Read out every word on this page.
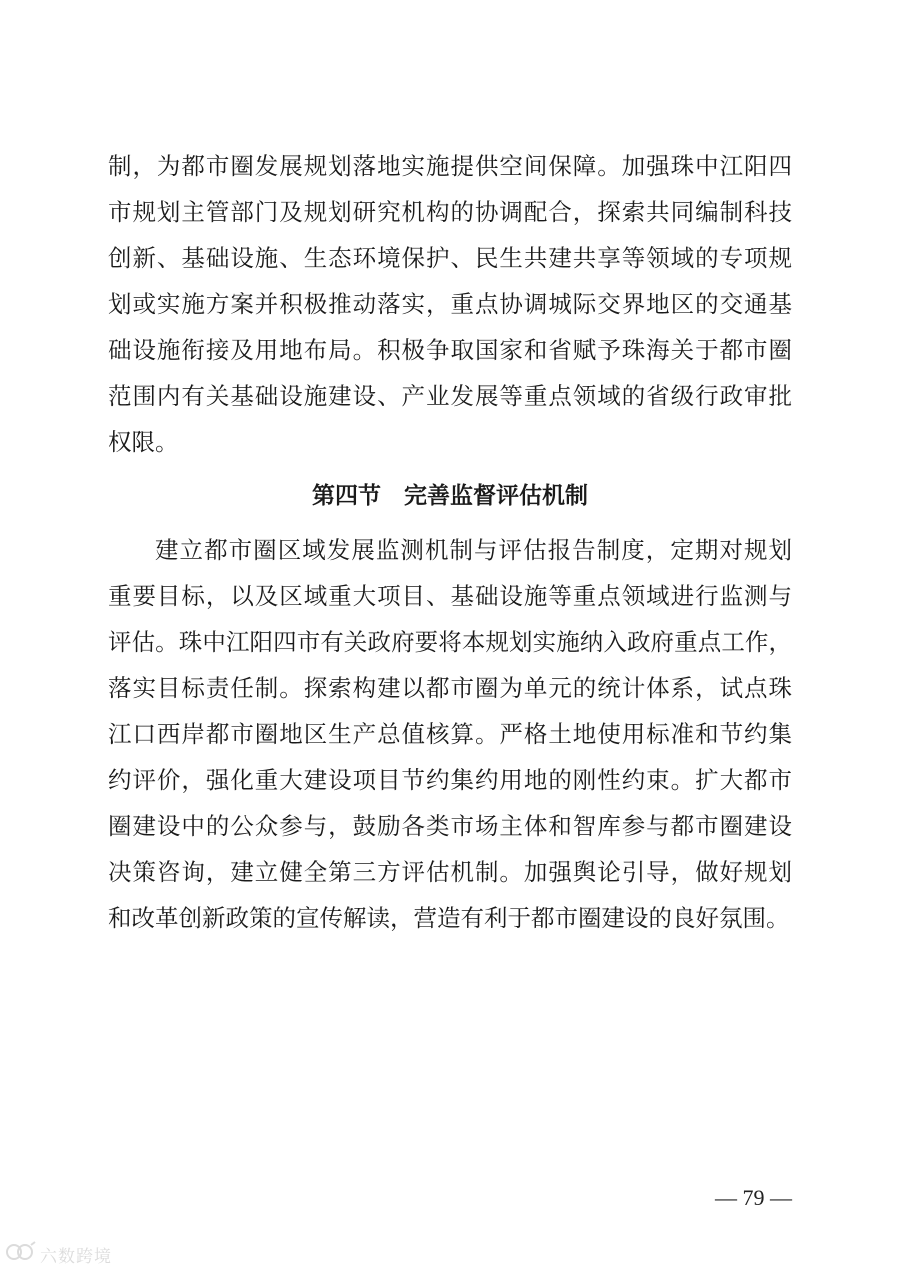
制，为都市圈发展规划落地实施提供空间保障。加强珠中江阳四
市规划主管部门及规划研究机构的协调配合，探索共同编制科技
创新、基础设施、生态环境保护、民生共建共享等领域的专项规
划或实施方案并积极推动落实，重点协调城际交界地区的交通基
础设施衔接及用地布局。积极争取国家和省赋予珠海关于都市圈
范围内有关基础设施建设、产业发展等重点领域的省级行政审批
权限。
第四节　完善监督评估机制
建立都市圈区域发展监测机制与评估报告制度，定期对规划
重要目标，以及区域重大项目、基础设施等重点领域进行监测与
评估。珠中江阳四市有关政府要将本规划实施纳入政府重点工作，
落实目标责任制。探索构建以都市圈为单元的统计体系，试点珠
江口西岸都市圈地区生产总值核算。严格土地使用标准和节约集
约评价，强化重大建设项目节约集约用地的刚性约束。扩大都市
圈建设中的公众参与，鼓励各类市场主体和智库参与都市圈建设
决策咨询，建立健全第三方评估机制。加强舆论引导，做好规划
和改革创新政策的宣传解读，营造有利于都市圈建设的良好氛围。
— 79 —
六数跨境
